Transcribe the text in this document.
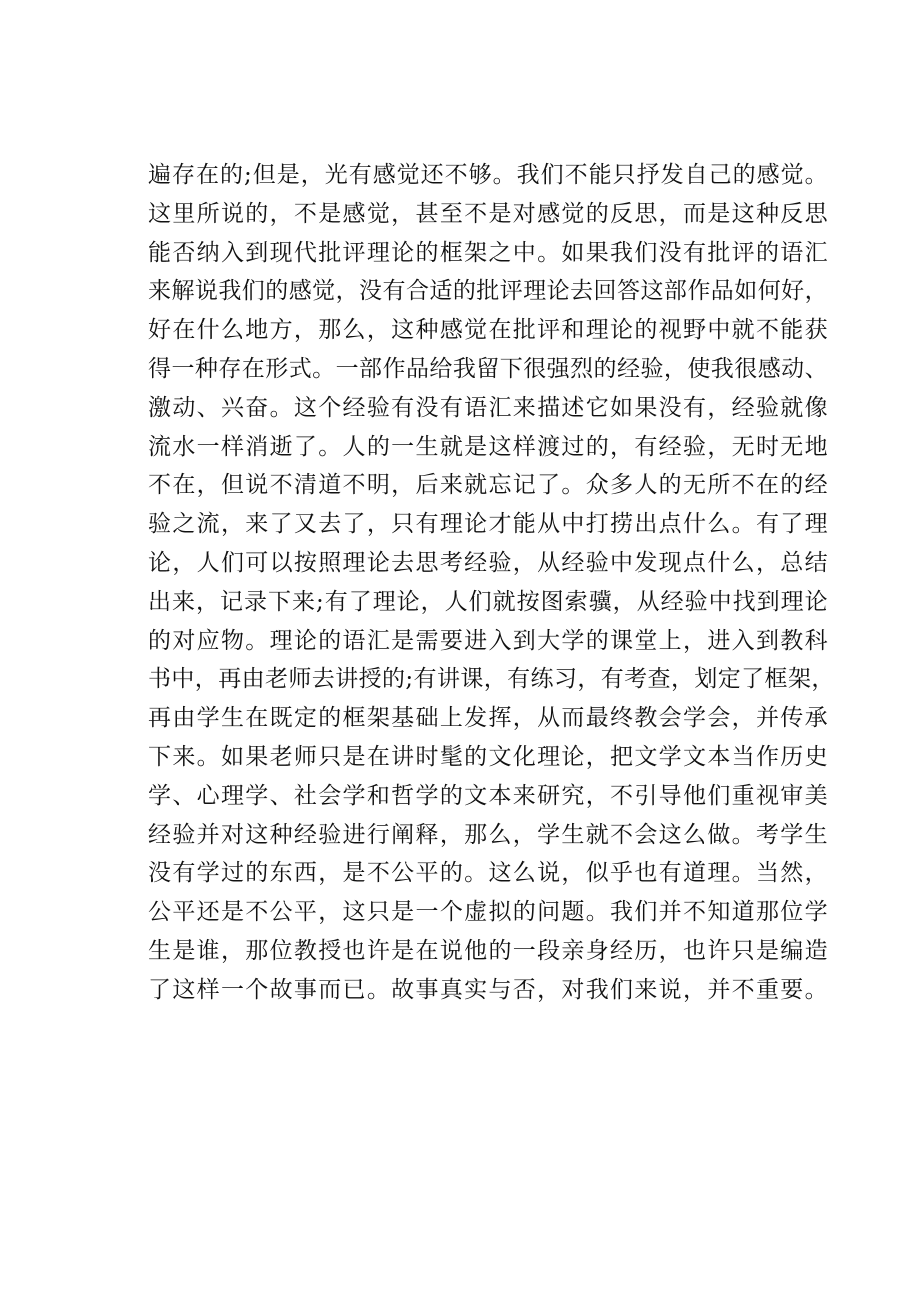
遍存在的;但是，光有感觉还不够。我们不能只抒发自己的感觉。
这里所说的，不是感觉，甚至不是对感觉的反思，而是这种反思
能否纳入到现代批评理论的框架之中。如果我们没有批评的语汇
来解说我们的感觉，没有合适的批评理论去回答这部作品如何好，
好在什么地方，那么，这种感觉在批评和理论的视野中就不能获
得一种存在形式。一部作品给我留下很强烈的经验，使我很感动、
激动、兴奋。这个经验有没有语汇来描述它如果没有，经验就像
流水一样消逝了。人的一生就是这样渡过的，有经验，无时无地
不在，但说不清道不明，后来就忘记了。众多人的无所不在的经
验之流，来了又去了，只有理论才能从中打捞出点什么。有了理
论，人们可以按照理论去思考经验，从经验中发现点什么，总结
出来，记录下来;有了理论，人们就按图索骥，从经验中找到理论
的对应物。理论的语汇是需要进入到大学的课堂上，进入到教科
书中，再由老师去讲授的;有讲课，有练习，有考查，划定了框架，
再由学生在既定的框架基础上发挥，从而最终教会学会，并传承
下来。如果老师只是在讲时髦的文化理论，把文学文本当作历史
学、心理学、社会学和哲学的文本来研究，不引导他们重视审美
经验并对这种经验进行阐释，那么，学生就不会这么做。考学生
没有学过的东西，是不公平的。这么说，似乎也有道理。当然，
公平还是不公平，这只是一个虚拟的问题。我们并不知道那位学
生是谁，那位教授也许是在说他的一段亲身经历，也许只是编造
了这样一个故事而已。故事真实与否，对我们来说，并不重要。
